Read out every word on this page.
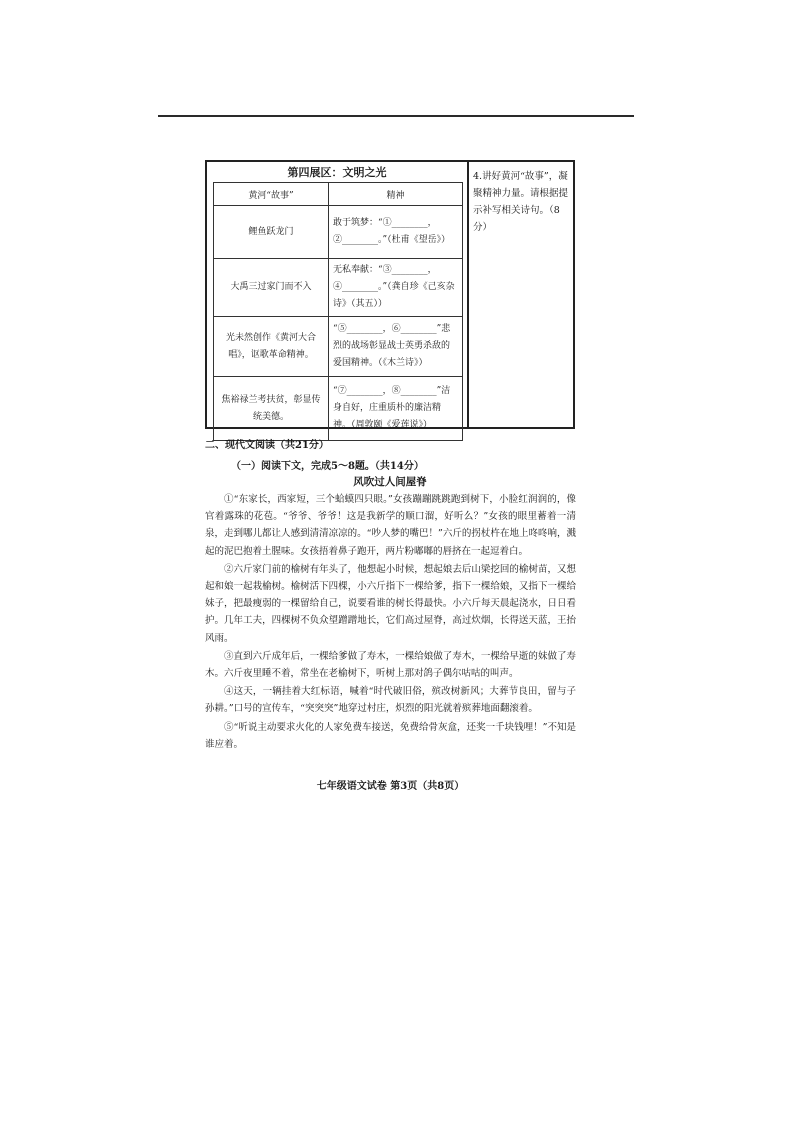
第四展区：文明之光
黄河“故事”	精神
鲤鱼跃龙门	敢于筑梦：“①________，②________。”（杜甫《望岳》）
大禹三过家门而不入	无私奉献：“③________，④________。”（龚自珍《己亥杂诗》（其五））
光未然创作《黄河大合唱》，讴歌革命精神。	“⑤________，⑥________”悲烈的战场彰显战士英勇杀敌的爱国精神。（《木兰诗》）
焦裕禄兰考扶贫，彰显传统美德。	“⑦________，⑧________”洁身自好，庄重质朴的廉洁精神。（周敦颐《爱莲说》）
4.讲好黄河“故事”，凝聚精神力量。请根据提示补写相关诗句。（8分）
二、现代文阅读（共21分）
（一）阅读下文，完成5～8题。（共14分）
风吹过人间屋脊

①“东家长，西家短，三个蛤蟆四只眼。”女孩蹦蹦跳跳跑到树下，小脸红润润的，像官着露珠的花苞。“爷爷、爷爷！这是我新学的顺口溜，好听么？”女孩的眼里蓄着一清泉，走到哪儿都让人感到清清凉凉的。“吵人梦的嘴巴！”六斤的拐杖杵在地上咚咚响，溅起的泥巴抱着土腥味。女孩捂着鼻子跑开，两片粉嘟嘟的唇挤在一起逗着白。

②六斤家门前的榆树有年头了，他想起小时候，想起娘去后山梁挖回的榆树苗，又想起和娘一起栽榆树。榆树活下四棵，小六斤指下一棵给爹，指下一棵给娘，又指下一棵给妹子，把最瘦弱的一棵留给自己，说要看谁的树长得最快。小六斤每天晨起浇水，日日看护。几年工夫，四棵树不负众望蹭蹭地长，它们高过屋脊，高过炊烟，长得送天蓝，王抬风雨。

③直到六斤成年后，一棵给爹做了寿木，一棵给娘做了寿木，一棵给早逝的妹做了寿木。六斤夜里睡不着，常坐在老榆树下，听树上那对鸽子偶尔咕咕的叫声。

④这天，一辆挂着大红标语，喊着“时代破旧俗，殡改树新风；大葬节良田，留与子孙耕。”口号的宣传车，“突突突”地穿过村庄，炽烈的阳光就着殡葬地面翻滚着。

⑤“听说主动要求火化的人家免费车接送，免费给骨灰盒，还奖一千块钱哩！”不知是谁应着。

七年级语文试卷 第3页（共8页）
